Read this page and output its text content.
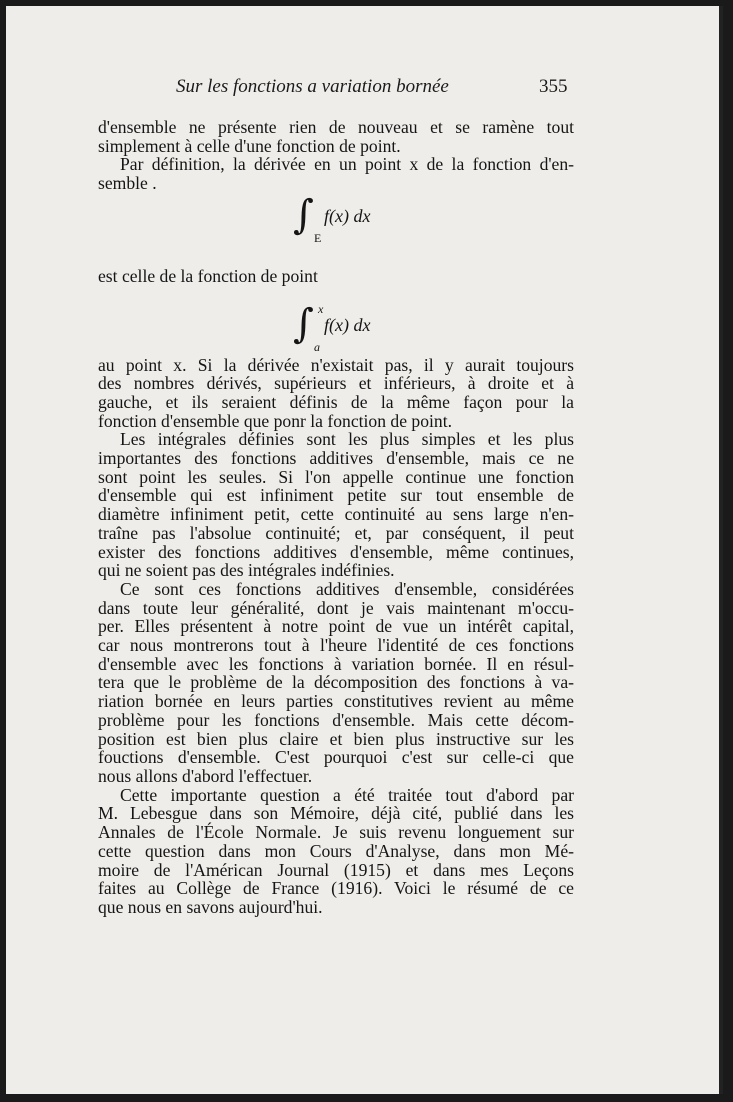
Sur les fonctions a variation bornée	355
d'ensemble ne présente rien de nouveau et se ramène tout
simplement à celle d'une fonction de point.
Par définition, la dérivée en un point x de la fonction d'en-
semble .
∫ E
f(x) dx
est celle de la fonction de point
∫ x
a
f(x) dx
au point x. Si la dérivée n'existait pas, il y aurait toujours
des nombres dérivés, supérieurs et inférieurs, à droite et à
gauche, et ils seraient définis de la même façon pour la
fonction d'ensemble que ponr la fonction de point.
Les intégrales définies sont les plus simples et les plus
importantes des fonctions additives d'ensemble, mais ce ne
sont point les seules. Si l'on appelle continue une fonction
d'ensemble qui est infiniment petite sur tout ensemble de
diamètre infiniment petit, cette continuité au sens large n'en-
traîne pas l'absolue continuité; et, par conséquent, il peut
exister des fonctions additives d'ensemble, même continues,
qui ne soient pas des intégrales indéfinies.
Ce sont ces fonctions additives d'ensemble, considérées
dans toute leur généralité, dont je vais maintenant m'occu-
per. Elles présentent à notre point de vue un intérêt capital,
car nous montrerons tout à l'heure l'identité de ces fonctions
d'ensemble avec les fonctions à variation bornée. Il en résul-
tera que le problème de la décomposition des fonctions à va-
riation bornée en leurs parties constitutives revient au même
problème pour les fonctions d'ensemble. Mais cette décom-
position est bien plus claire et bien plus instructive sur les
fouctions d'ensemble. C'est pourquoi c'est sur celle-ci que
nous allons d'abord l'effectuer.
Cette importante question a été traitée tout d'abord par
M. Lebesgue dans son Mémoire, déjà cité, publié dans les
Annales de l'École Normale. Je suis revenu longuement sur
cette question dans mon Cours d'Analyse, dans mon Mé-
moire de l'Américan Journal (1915) et dans mes Leçons
faites au Collège de France (1916). Voici le résumé de ce
que nous en savons aujourd'hui.
